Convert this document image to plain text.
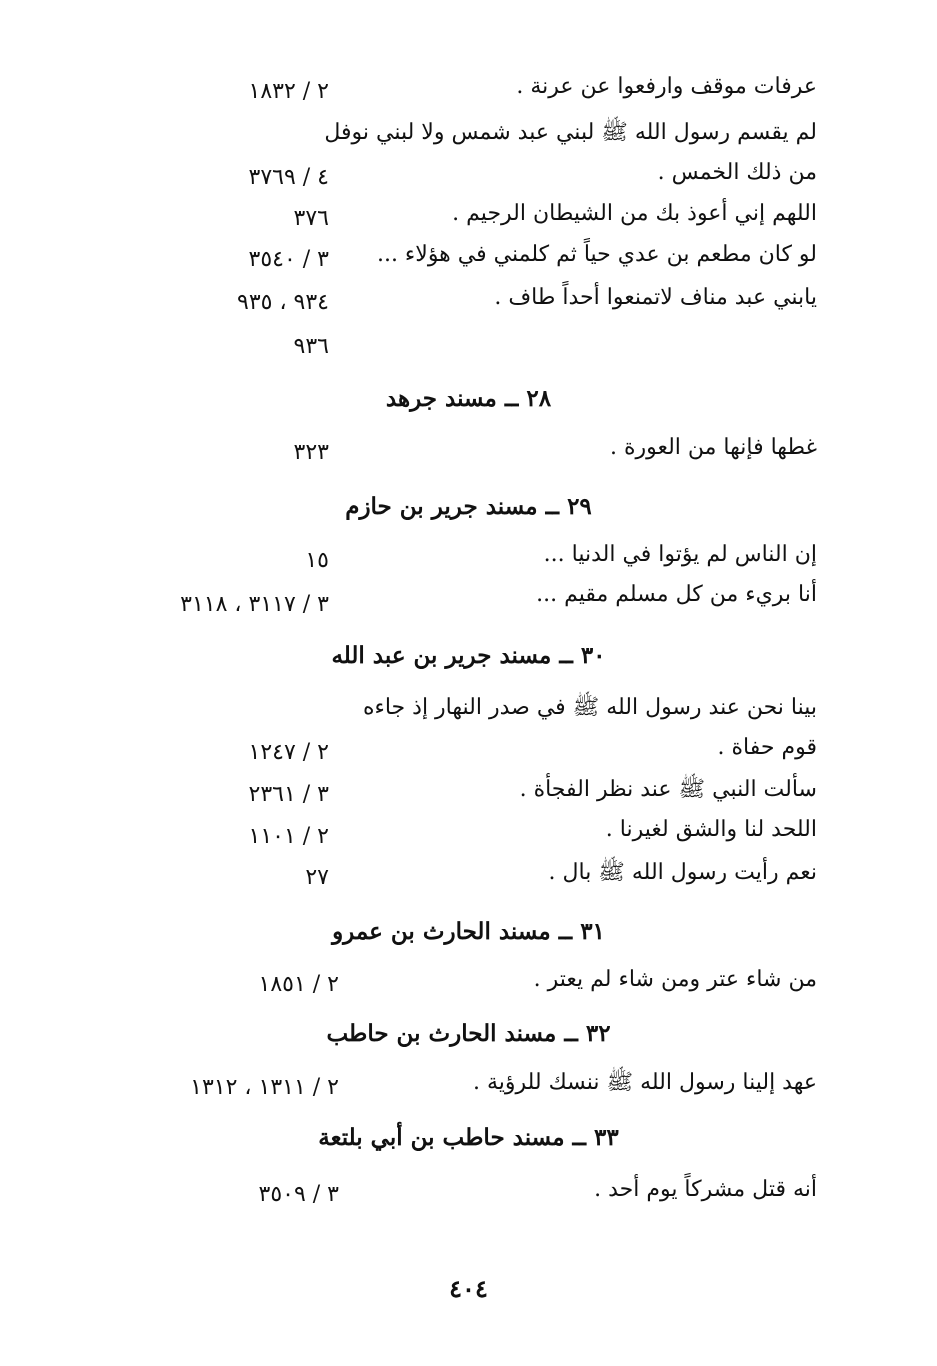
عرفات موقف وارفعوا عن عرنة .
٢ / ١٨٣٢
لم يقسم رسول الله ﷺ لبني عبد شمس ولا لبني نوفل
من ذلك الخمس .
٤ / ٣٧٦٩
اللهم إني أعوذ بك من الشيطان الرجيم .
٣٧٦
لو كان مطعم بن عدي حياً ثم كلمني في هؤلاء ...
٣ / ٣٥٤٠
يابني عبد مناف لاتمنعوا أحداً طاف .
٩٣٤ ، ٩٣٥
٩٣٦
٢٨ ــ مسند جرهد
غطها فإنها من العورة .
٣٢٣
٢٩ ــ مسند جرير بن حازم
إن الناس لم يؤتوا في الدنيا ...
١٥
أنا بريء من كل مسلم مقيم ...
٣ / ٣١١٧ ، ٣١١٨
٣٠ ــ مسند جرير بن عبد الله
بينا نحن عند رسول الله ﷺ في صدر النهار إذ جاءه
قوم حفاة .
٢ / ١٢٤٧
سألت النبي ﷺ عند نظر الفجأة .
٣ / ٢٣٦١
اللحد لنا والشق لغيرنا .
٢ / ١١٠١
نعم رأيت رسول الله ﷺ بال .
٢٧
٣١ ــ مسند الحارث بن عمرو
من شاء عتر ومن شاء لم يعتر .
٢ / ١٨٥١
٣٢ ــ مسند الحارث بن حاطب
عهد إلينا رسول الله ﷺ ننسك للرؤية .
٢ / ١٣١١ ، ١٣١٢
٣٣ ــ مسند حاطب بن أبي بلتعة
أنه قتل مشركاً يوم أحد .
٣ / ٣٥٠٩
٤٠٤
